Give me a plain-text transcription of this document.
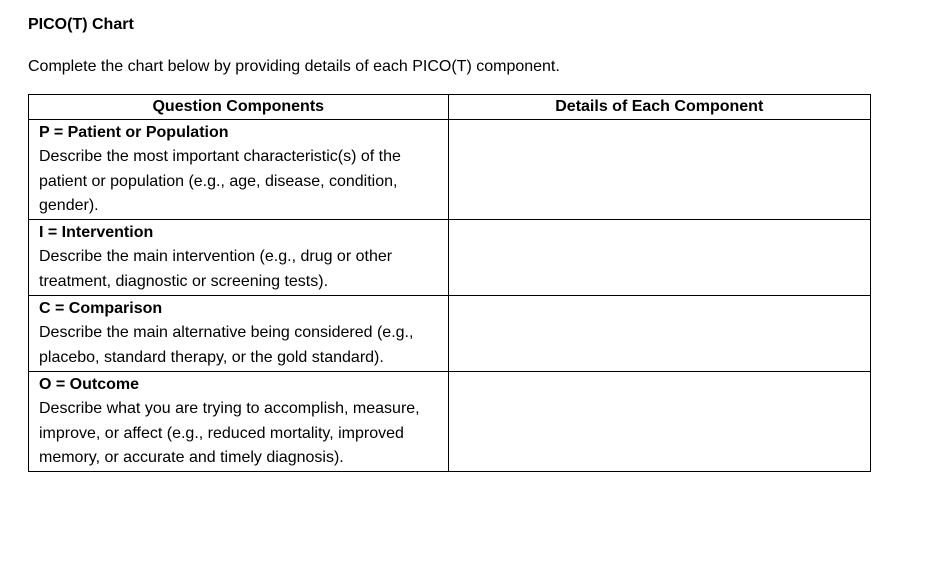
PICO(T) Chart

Complete the chart below by providing details of each PICO(T) component.

Question Components	Details of Each Component

P = Patient or Population
Describe the most important characteristic(s) of the patient or population (e.g., age, disease, condition, gender).	

I = Intervention
Describe the main intervention (e.g., drug or other treatment, diagnostic or screening tests).	

C = Comparison
Describe the main alternative being considered (e.g., placebo, standard therapy, or the gold standard).	

O = Outcome
Describe what you are trying to accomplish, measure, improve, or affect (e.g., reduced mortality, improved memory, or accurate and timely diagnosis).	
